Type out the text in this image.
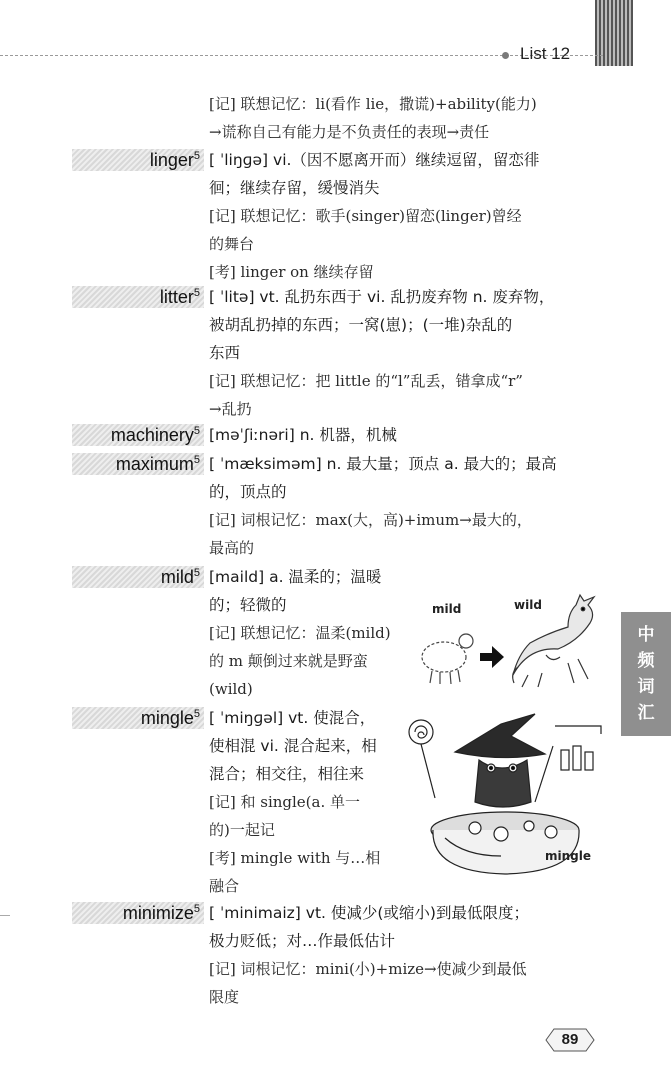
List 12
中
频
词
汇
[记] 联想记忆：li(看作 lie，撒谎)+ability(能力)
→谎称自己有能力是不负责任的表现→责任
linger$^5$ [ ˈliŋɡə] vi.（因不愿离开而）继续逗留，留恋徘
徊；继续存留，缓慢消失
[记] 联想记忆：歌手(singer)留恋(linger)曾经
的舞台
[考] linger on 继续存留
litter$^5$ [ ˈlitə] vt. 乱扔东西于 vi. 乱扔废弃物 n. 废弃物，
被胡乱扔掉的东西；一窝(崽)；(一堆)杂乱的
东西
[记] 联想记忆：把 little 的“l”乱丢，错拿成“r”
→乱扔
machinery$^5$ [məˈʃiːnəri] n. 机器，机械
maximum$^5$ [ ˈmæksiməm] n. 最大量；顶点 a. 最大的；最高
的，顶点的
[记] 词根记忆：max(大，高)+imum→最大的，
最高的
mild$^5$ [maild] a. 温柔的；温暖
的；轻微的
[记] 联想记忆：温柔(mild)
的 m 颠倒过来就是野蛮
(wild)
mild	wild
mingle$^5$ [ ˈmiŋɡəl] vt. 使混合，
使相混 vi. 混合起来，相
混合；相交往，相往来
[记] 和 single(a. 单一
的)一起记
[考] mingle with 与…相
融合
mingle
minimize$^5$ [ ˈminimaiz] vt. 使减少(或缩小)到最低限度；
极力贬低；对…作最低估计
[记] 词根记忆：mini(小)+mize→使减少到最低
限度
89
